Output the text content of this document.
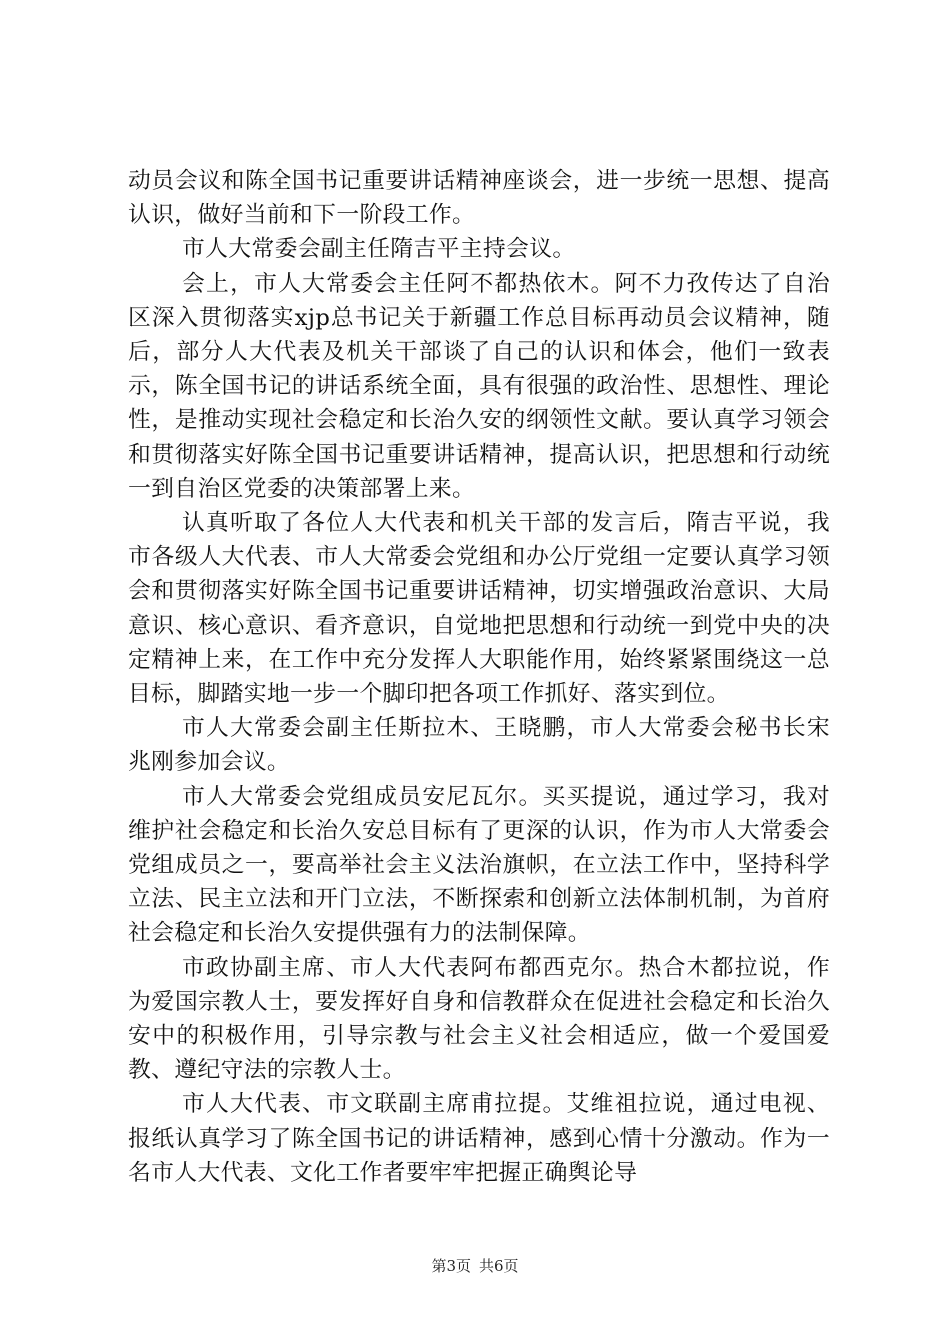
动员会议和陈全国书记重要讲话精神座谈会，进一步统一思想、提高认识，做好当前和下一阶段工作。

市人大常委会副主任隋吉平主持会议。

会上，市人大常委会主任阿不都热依木。阿不力孜传达了自治区深入贯彻落实xjp总书记关于新疆工作总目标再动员会议精神，随后，部分人大代表及机关干部谈了自己的认识和体会，他们一致表示，陈全国书记的讲话系统全面，具有很强的政治性、思想性、理论性，是推动实现社会稳定和长治久安的纲领性文献。要认真学习领会和贯彻落实好陈全国书记重要讲话精神，提高认识，把思想和行动统一到自治区党委的决策部署上来。

认真听取了各位人大代表和机关干部的发言后，隋吉平说，我市各级人大代表、市人大常委会党组和办公厅党组一定要认真学习领会和贯彻落实好陈全国书记重要讲话精神，切实增强政治意识、大局意识、核心意识、看齐意识，自觉地把思想和行动统一到党中央的决定精神上来，在工作中充分发挥人大职能作用，始终紧紧围绕这一总目标，脚踏实地一步一个脚印把各项工作抓好、落实到位。

市人大常委会副主任斯拉木、王晓鹏，市人大常委会秘书长宋兆刚参加会议。

市人大常委会党组成员安尼瓦尔。买买提说，通过学习，我对维护社会稳定和长治久安总目标有了更深的认识，作为市人大常委会党组成员之一，要高举社会主义法治旗帜，在立法工作中，坚持科学立法、民主立法和开门立法，不断探索和创新立法体制机制，为首府社会稳定和长治久安提供强有力的法制保障。

市政协副主席、市人大代表阿布都西克尔。热合木都拉说，作为爱国宗教人士，要发挥好自身和信教群众在促进社会稳定和长治久安中的积极作用，引导宗教与社会主义社会相适应，做一个爱国爱教、遵纪守法的宗教人士。

市人大代表、市文联副主席甫拉提。艾维祖拉说，通过电视、报纸认真学习了陈全国书记的讲话精神，感到心情十分激动。作为一名市人大代表、文化工作者要牢牢把握正确舆论导

第3页 共6页
